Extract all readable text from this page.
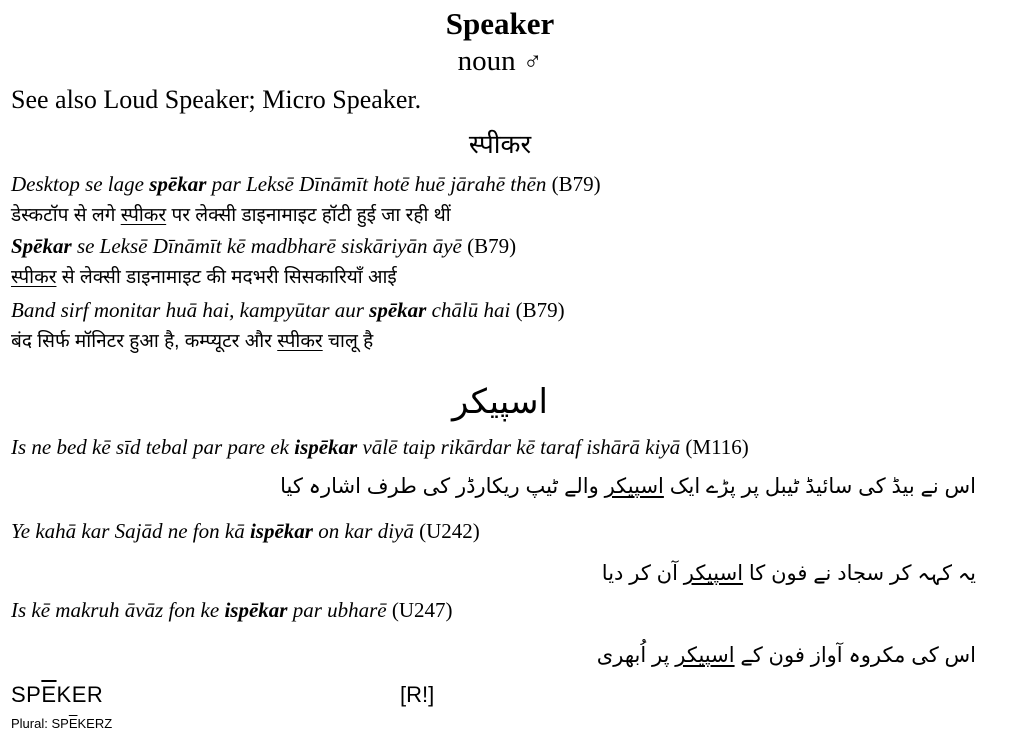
Speaker
noun ♂
See also Loud Speaker; Micro Speaker.
स्पीकर
Desktop se lage spēkar par Leksē Dīnāmīt hotē huē jārahē thēn (B79)
डेस्कटॉप से लगे स्पीकर पर लेक्सी डाइनामाइट हॉटी हुई जा रही थीं
Spēkar se Leksē Dīnāmīt kē madbharē siskāriyān āyē (B79)
स्पीकर से लेक्सी डाइनामाइट की मदभरी सिसकारियाँ आई
Band sirf monitar huā hai, kampyūtar aur spēkar chālū hai (B79)
बंद सिर्फ मॉनिटर हुआ है, कम्प्यूटर और स्पीकर चालू है
اسپیکر
Is ne bed kē sīd tebal par pare ek ispēkar vālē taip rikārdar kē taraf ishārā kiyā (M116)
اس نے بیڈ کی سائیڈ ٹیبل پر پڑے ایک اسپیکر والے ٹیپ ریکارڈر کی طرف اشارہ کیا
Ye kahā kar Sajād ne fon kā ispēkar on kar diyā (U242)
یہ کہہ کر سجاد نے فون کا اسپیکر آن کر دیا
Is kē makruh āvāz fon ke ispēkar par ubharē (U247)
اس کی مکروہ آواز فون کے اسپیکر پر اُبھری
$SP\overline{E}KER$	[R!]
Plural: $SP\overline{E}KERZ$
